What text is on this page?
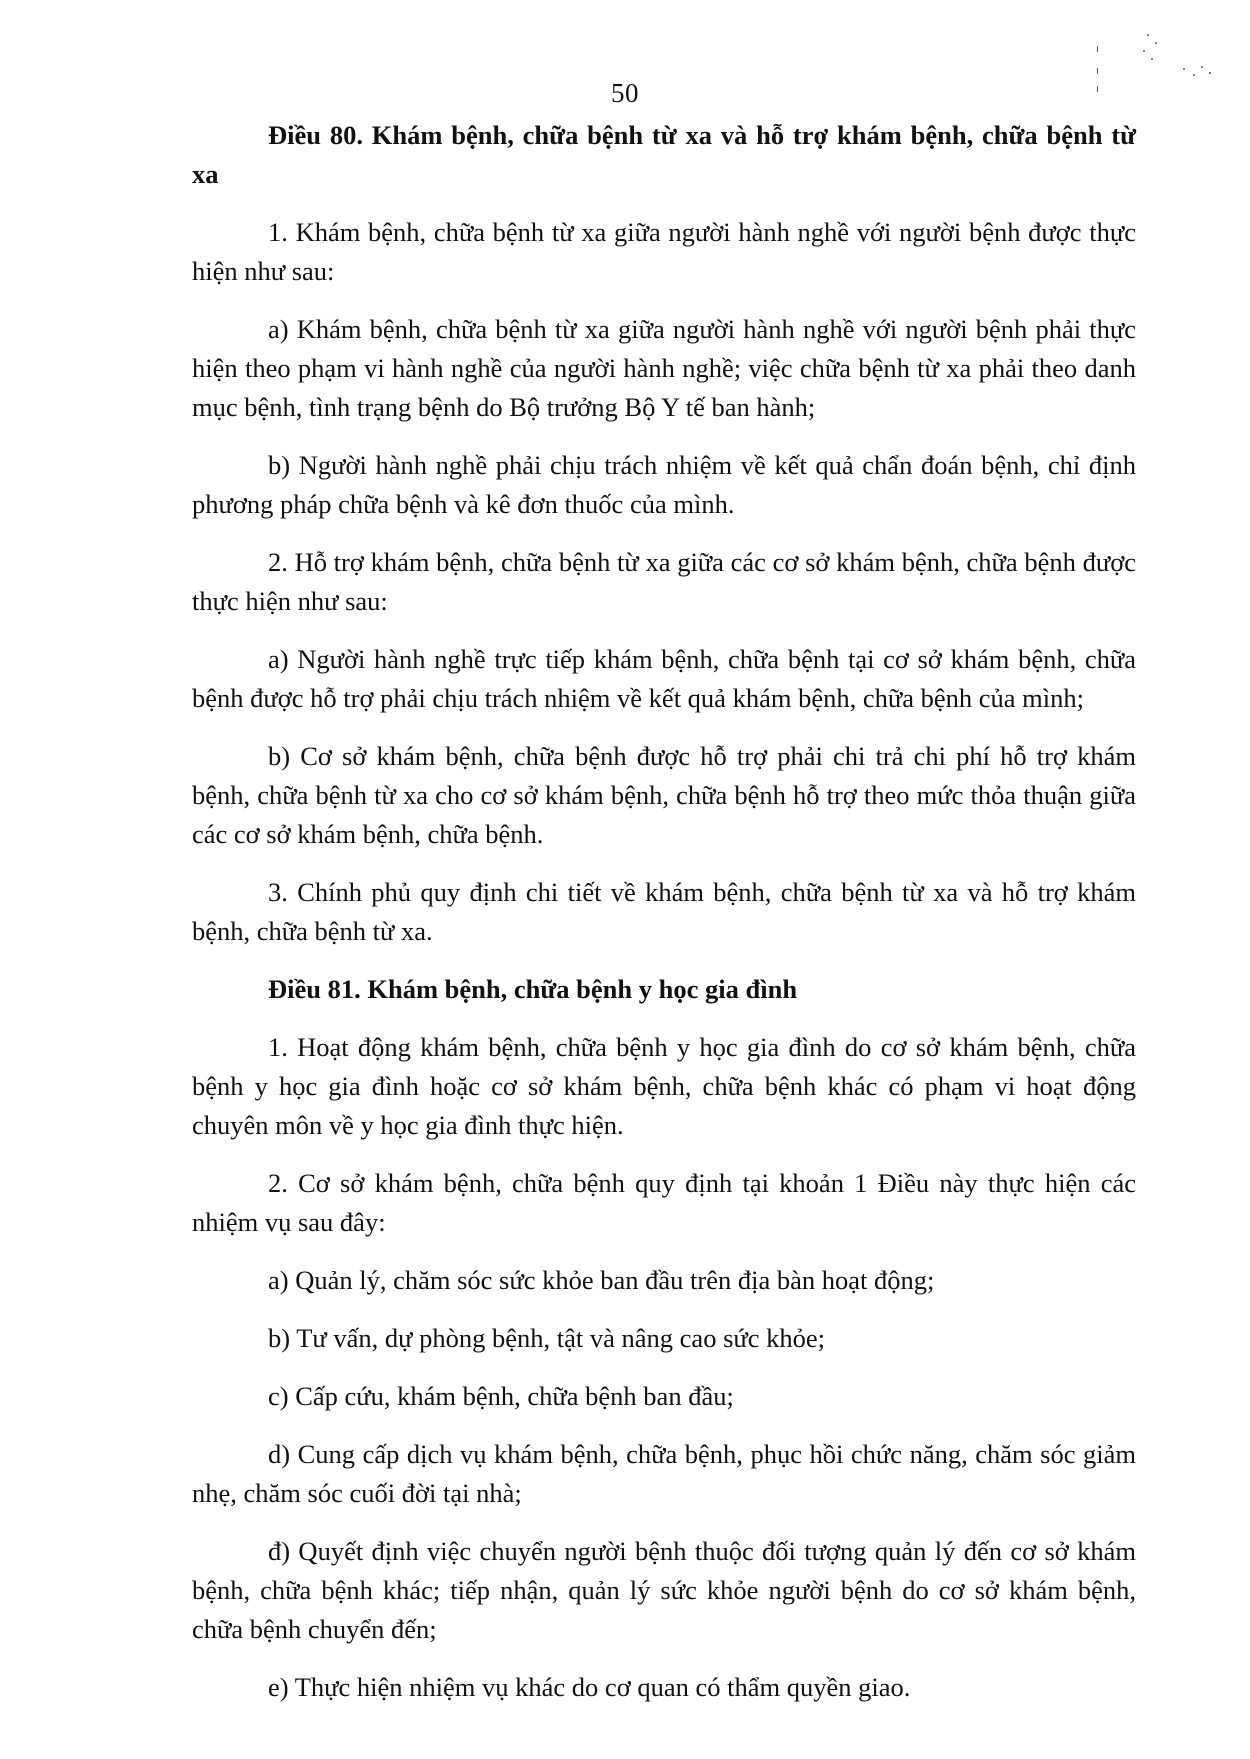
50

Điều 80. Khám bệnh, chữa bệnh từ xa và hỗ trợ khám bệnh, chữa bệnh từ xa

1. Khám bệnh, chữa bệnh từ xa giữa người hành nghề với người bệnh được thực hiện như sau:

a) Khám bệnh, chữa bệnh từ xa giữa người hành nghề với người bệnh phải thực hiện theo phạm vi hành nghề của người hành nghề; việc chữa bệnh từ xa phải theo danh mục bệnh, tình trạng bệnh do Bộ trưởng Bộ Y tế ban hành;

b) Người hành nghề phải chịu trách nhiệm về kết quả chẩn đoán bệnh, chỉ định phương pháp chữa bệnh và kê đơn thuốc của mình.

2. Hỗ trợ khám bệnh, chữa bệnh từ xa giữa các cơ sở khám bệnh, chữa bệnh được thực hiện như sau:

a) Người hành nghề trực tiếp khám bệnh, chữa bệnh tại cơ sở khám bệnh, chữa bệnh được hỗ trợ phải chịu trách nhiệm về kết quả khám bệnh, chữa bệnh của mình;

b) Cơ sở khám bệnh, chữa bệnh được hỗ trợ phải chi trả chi phí hỗ trợ khám bệnh, chữa bệnh từ xa cho cơ sở khám bệnh, chữa bệnh hỗ trợ theo mức thỏa thuận giữa các cơ sở khám bệnh, chữa bệnh.

3. Chính phủ quy định chi tiết về khám bệnh, chữa bệnh từ xa và hỗ trợ khám bệnh, chữa bệnh từ xa.

Điều 81. Khám bệnh, chữa bệnh y học gia đình

1. Hoạt động khám bệnh, chữa bệnh y học gia đình do cơ sở khám bệnh, chữa bệnh y học gia đình hoặc cơ sở khám bệnh, chữa bệnh khác có phạm vi hoạt động chuyên môn về y học gia đình thực hiện.

2. Cơ sở khám bệnh, chữa bệnh quy định tại khoản 1 Điều này thực hiện các nhiệm vụ sau đây:

a) Quản lý, chăm sóc sức khỏe ban đầu trên địa bàn hoạt động;

b) Tư vấn, dự phòng bệnh, tật và nâng cao sức khỏe;

c) Cấp cứu, khám bệnh, chữa bệnh ban đầu;

d) Cung cấp dịch vụ khám bệnh, chữa bệnh, phục hồi chức năng, chăm sóc giảm nhẹ, chăm sóc cuối đời tại nhà;

đ) Quyết định việc chuyển người bệnh thuộc đối tượng quản lý đến cơ sở khám bệnh, chữa bệnh khác; tiếp nhận, quản lý sức khỏe người bệnh do cơ sở khám bệnh, chữa bệnh chuyển đến;

e) Thực hiện nhiệm vụ khác do cơ quan có thẩm quyền giao.
